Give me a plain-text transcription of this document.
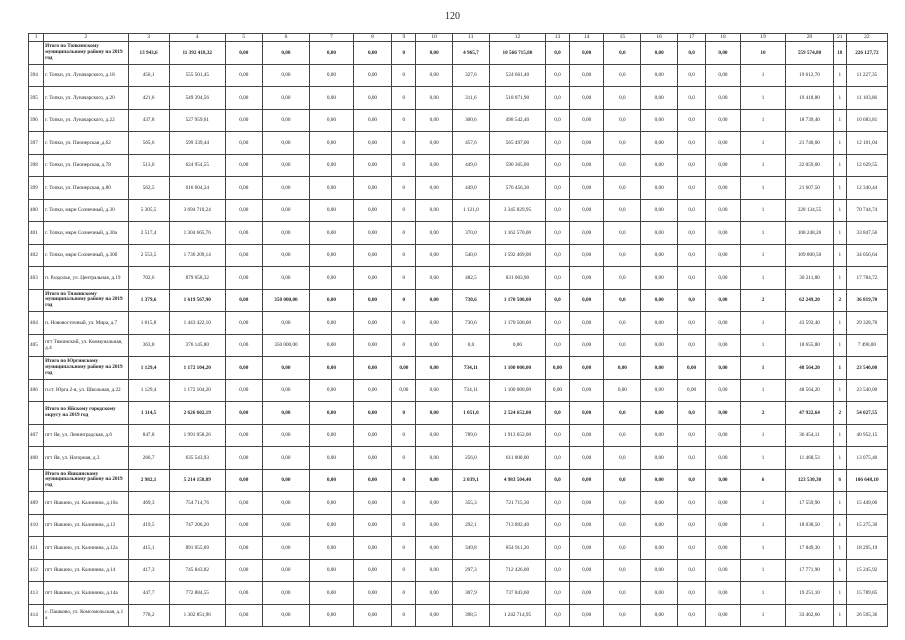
120
1	2	3	4	5	6	7	8	9	10	11	12	13	14	15	16	17	18	19	20	21	22
	Итого по Топкинскому муниципальному району на 2019 год	13 943,6	11 392 418,32	0,00	0,00	0,00	0,00	0	0,00	4 965,7	10 566 715,80	0,0	0,00	0,0	0,00	0,0	0,00	10	559 574,80	18	226 127,72
394	г. Топки, ул. Луначарского, д.18	456,1	555 501,45	0,00	0,00	0,00	0,00	0	0,00	327,6	524 661,40	0,0	0,00	0,0	0,00	0,0	0,00	1	19 612,70	1	11 227,35
395	г. Топки, ул. Луначарского, д.20	421,6	549 394,56	0,00	0,00	0,00	0,00	0	0,00	311,6	518 871,90	0,0	0,00	0,0	0,00	0,0	0,00	1	19 418,80	1	11 103,86
396	г. Топки, ул. Луначарского, д.22	437,8	527 959,61	0,00	0,00	0,00	0,00	0	0,00	300,6	498 542,40	0,0	0,00	0,0	0,00	0,0	0,00	1	18 739,40	1	10 683,81
397	г. Топки, ул. Пионерская ,д.62	565,6	599 339,44	0,00	0,00	0,00	0,00	0	0,00	457,6	565 497,00	0,0	0,00	0,0	0,00	0,0	0,00	1	21 740,00	1	12 101,04
398	г. Топки, ул. Пионерская, д.78	513,0	624 954,55	0,00	0,00	0,00	0,00	0	0,00	449,0	590 365,00	0,0	0,00	0,0	0,00	0,0	0,00	1	22 059,00	1	12 629,55
399	г. Топки, ул. Пионерская, д.80	562,5	616 604,24	0,00	0,00	0,00	0,00	0	0,00	449,0	576 456,30	0,0	0,00	0,0	0,00	0,0	0,00	1	21 607,50	1	12 340,44
400	г. Топки, мкрн Солнечный, д.30	5 305,5	3 694 710,24	0,00	0,00	0,00	0,00	0	0,00	1 121,0	3 345 829,95	0,0	0,00	0,0	0,00	0,0	0,00	1	228 134,55	1	70 744,74
401	г. Топки, мкрн Солнечный, д.30а	2 517,4	1 304 665,76	0,00	0,00	0,00	0,00	0	0,00	370,0	1 162 570,00	0,0	0,00	0,0	0,00	0,0	0,00	1	108 248,20	1	33 847,56
402	г. Топки, мкрн Солнечный, д.30б	2 553,5	1 736 209,14	0,00	0,00	0,00	0,00	0	0,00	540,0	1 592 469,00	0,0	0,00	0,0	0,00	0,0	0,00	1	109 800,50	1	34 056,64
403	п. Раздолье, ул. Центральная, д.19	702,6	879 058,32	0,00	0,00	0,00	0,00	0	0,00	482,5	831 003,90	0,0	0,00	0,0	0,00	0,0	0,00	1	30 211,80	1	17 784,72
	Итого по Тяжинскому муниципальному району на 2019 год	1 379,6	1 619 567,90	0,00	350 000,00	0,00	0,00	0	0,00	730,6	1 170 500,00	0,0	0,00	0,0	0,00	0,0	0,00	2	62 249,20	2	36 819,70
404	п. Нововосточный, ул. Мира, д.7	1 015,8	1 443 422,10	0,00	0,00	0,00	0,00	0	0,00	730,6	1 170 500,00	0,0	0,00	0,0	0,00	0,0	0,00	1	43 593,40	1	29 328,70
405	пгт Тяжинский, ул. Коммунальная, д.4	363,8	376 145,80	0,00	350 000,00	0,00	0,00	0	0,00	0,0	0,00	0,0	0,00	0,0	0,00	0,0	0,00	1	18 655,80	1	7 490,00
	Итого по Юргинскому муниципальному району на 2019 год	1 129,4	1 172 104,20	0,00	0,00	0,00	0,00	0,00	0,00	734,11	1 100 000,00	0,00	0,00	0,00	0,00	0,00	0,00	1	48 564,20	1	23 540,00
406	п.ст. Юрга 2-я, ул. Школьная, д.22	1 129,4	1 172 104,20	0,00	0,00	0,00	0,00	0,00	0,00	734,11	1 100 000,00	0,00	0,00	0,00	0,00	0,00	0,00	1	48 564,20	1	23 540,00
	Итого по Яйскому городскому округу на 2019 год	1 114,5	2 626 602,19	0,00	0,00	0,00	0,00	0	0,00	1 051,0	2 524 652,00	0,0	0,00	0,0	0,00	0,0	0,00	2	47 922,64	2	54 027,55
407	пгт Яя, ул. Ленинградская, д.6	847,8	1 991 058,26	0,00	0,00	0,00	0,00	0	0,00	789,0	1 913 652,00	0,0	0,00	0,0	0,00	0,0	0,00	1	36 454,11	1	40 952,15
408	пгт Яя, ул. Нагорная, д.3	266,7	635 543,93	0,00	0,00	0,00	0,00	0	0,00	256,0	611 000,00	0,0	0,00	0,0	0,00	0,0	0,00	1	11 468,53	1	13 075,40
	Итого по Яшкинскому муниципальному району на 2019 год	2 982,1	5 214 158,89	0,00	0,00	0,00	0,00	0	0,00	2 039,1	4 983 504,40	0,0	0,00	0,0	0,00	0,0	0,00	6	123 530,30	6	106 648,10
409	пгт Яшкино, ул. Калинина, д.10а	469,3	754 714,76	0,00	0,00	0,00	0,00	0	0,00	355,3	721 715,30	0,0	0,00	0,0	0,00	0,0	0,00	1	17 559,90	1	15 449,06
410	пгт Яшкино, ул. Калинина, д.12	419,5	747 206,20	0,00	0,00	0,00	0,00	0	0,00	292,1	713 892,40	0,0	0,00	0,0	0,00	0,0	0,00	1	18 038,50	1	15 275,30
411	пгт Яшкино, ул. Калинина, д.12а	415,1	891 055,69	0,00	0,00	0,00	0,00	0	0,00	349,8	854 911,20	0,0	0,00	0,0	0,00	0,0	0,00	1	17 849,30	1	18 295,19
412	пгт Яшкино, ул. Калинина, д.14	417,3	745 843,82	0,00	0,00	0,00	0,00	0	0,00	297,3	712 426,00	0,0	0,00	0,0	0,00	0,0	0,00	1	17 771,90	1	15 245,92
413	пгт Яшкино, ул. Калинина, д.14а	447,7	772 884,55	0,00	0,00	0,00	0,00	0	0,00	307,9	737 843,60	0,0	0,00	0,0	0,00	0,0	0,00	1	19 251,10	1	15 789,85
414	с. Пашково, ул. Комсомольская, д.1 а	778,2	1 302 851,96	0,00	0,00	0,00	0,00	0	0,00	398,5	1 242 714,95	0,0	0,00	0,0	0,00	0,0	0,00	1	33 462,60	1	26 595,36
